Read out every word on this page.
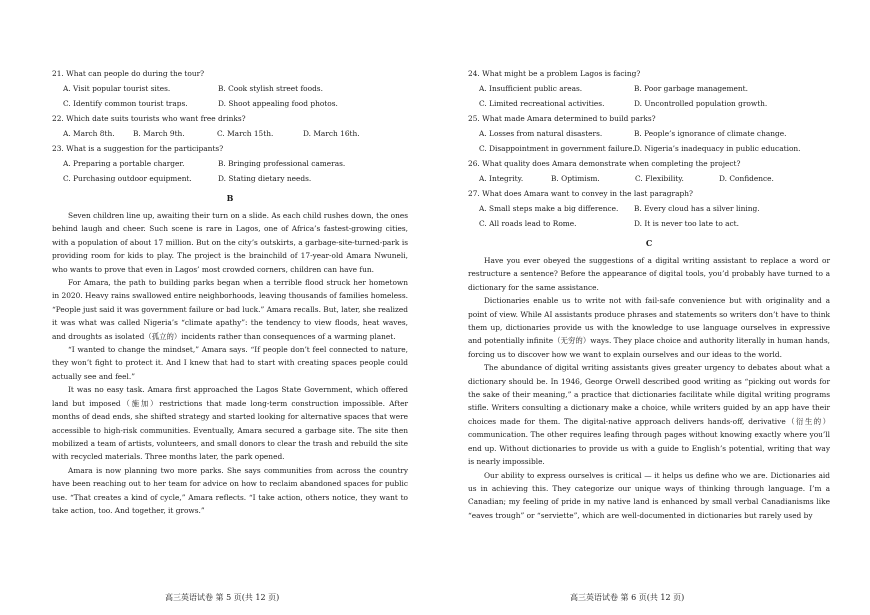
21. What can people do during the tour?
A. Visit popular tourist sites.	B. Cook stylish street foods.
C. Identify common tourist traps.	D. Shoot appealing food photos.
22. Which date suits tourists who want free drinks?
A. March 8th.	B. March 9th.	C. March 15th.	D. March 16th.
23. What is a suggestion for the participants?
A. Preparing a portable charger.	B. Bringing professional cameras.
C. Purchasing outdoor equipment.	D. Stating dietary needs.
B

Seven children line up, awaiting their turn on a slide. As each child rushes down, the ones behind laugh and cheer. Such scene is rare in Lagos, one of Africa’s fastest-growing cities, with a population of about 17 million. But on the city’s outskirts, a garbage-site-turned-park is providing room for kids to play. The project is the brainchild of 17-year-old Amara Nwuneli, who wants to prove that even in Lagos’ most crowded corners, children can have fun.

For Amara, the path to building parks began when a terrible flood struck her hometown in 2020. Heavy rains swallowed entire neighborhoods, leaving thousands of families homeless. “People just said it was government failure or bad luck.” Amara recalls. But, later, she realized it was what was called Nigeria’s “climate apathy”: the tendency to view floods, heat waves, and droughts as isolated（孤立的）incidents rather than consequences of a warming planet.

“I wanted to change the mindset,” Amara says. “If people don’t feel connected to nature, they won’t fight to protect it. And I knew that had to start with creating spaces people could actually see and feel.”

It was no easy task. Amara first approached the Lagos State Government, which offered land but imposed（施加）restrictions that made long-term construction impossible. After months of dead ends, she shifted strategy and started looking for alternative spaces that were accessible to high-risk communities. Eventually, Amara secured a garbage site. The site then mobilized a team of artists, volunteers, and small donors to clear the trash and rebuild the site with recycled materials. Three months later, the park opened.

Amara is now planning two more parks. She says communities from across the country have been reaching out to her team for advice on how to reclaim abandoned spaces for public use. “That creates a kind of cycle,” Amara reflects. “I take action, others notice, they want to take action, too. And together, it grows.”

高三英语试卷 第 5 页(共 12 页)
24. What might be a problem Lagos is facing?
A. Insufficient public areas.	B. Poor garbage management.
C. Limited recreational activities.	D. Uncontrolled population growth.
25. What made Amara determined to build parks?
A. Losses from natural disasters.	B. People’s ignorance of climate change.
C. Disappointment in government failure. D. Nigeria’s inadequacy in public education.
26. What quality does Amara demonstrate when completing the project?
A. Integrity.	B. Optimism.	C. Flexibility.	D. Confidence.
27. What does Amara want to convey in the last paragraph?
A. Small steps make a big difference.	B. Every cloud has a silver lining.
C. All roads lead to Rome.	D. It is never too late to act.
C

Have you ever obeyed the suggestions of a digital writing assistant to replace a word or restructure a sentence? Before the appearance of digital tools, you’d probably have turned to a dictionary for the same assistance.

Dictionaries enable us to write not with fail-safe convenience but with originality and a point of view. While AI assistants produce phrases and statements so writers don’t have to think them up, dictionaries provide us with the knowledge to use language ourselves in expressive and potentially infinite（无穷的）ways. They place choice and authority literally in human hands, forcing us to discover how we want to explain ourselves and our ideas to the world.

The abundance of digital writing assistants gives greater urgency to debates about what a dictionary should be. In 1946, George Orwell described good writing as “picking out words for the sake of their meaning,” a practice that dictionaries facilitate while digital writing programs stifle. Writers consulting a dictionary make a choice, while writers guided by an app have their choices made for them. The digital-native approach delivers hands-off, derivative（衍生的）communication. The other requires leafing through pages without knowing exactly where you’ll end up. Without dictionaries to provide us with a guide to English’s potential, writing that way is nearly impossible.

Our ability to express ourselves is critical — it helps us define who we are. Dictionaries aid us in achieving this. They categorize our unique ways of thinking through language. I’m a Canadian; my feeling of pride in my native land is enhanced by small verbal Canadianisms like “eaves trough” or “serviette”, which are well-documented in dictionaries but rarely used by

高三英语试卷 第 6 页(共 12 页)
